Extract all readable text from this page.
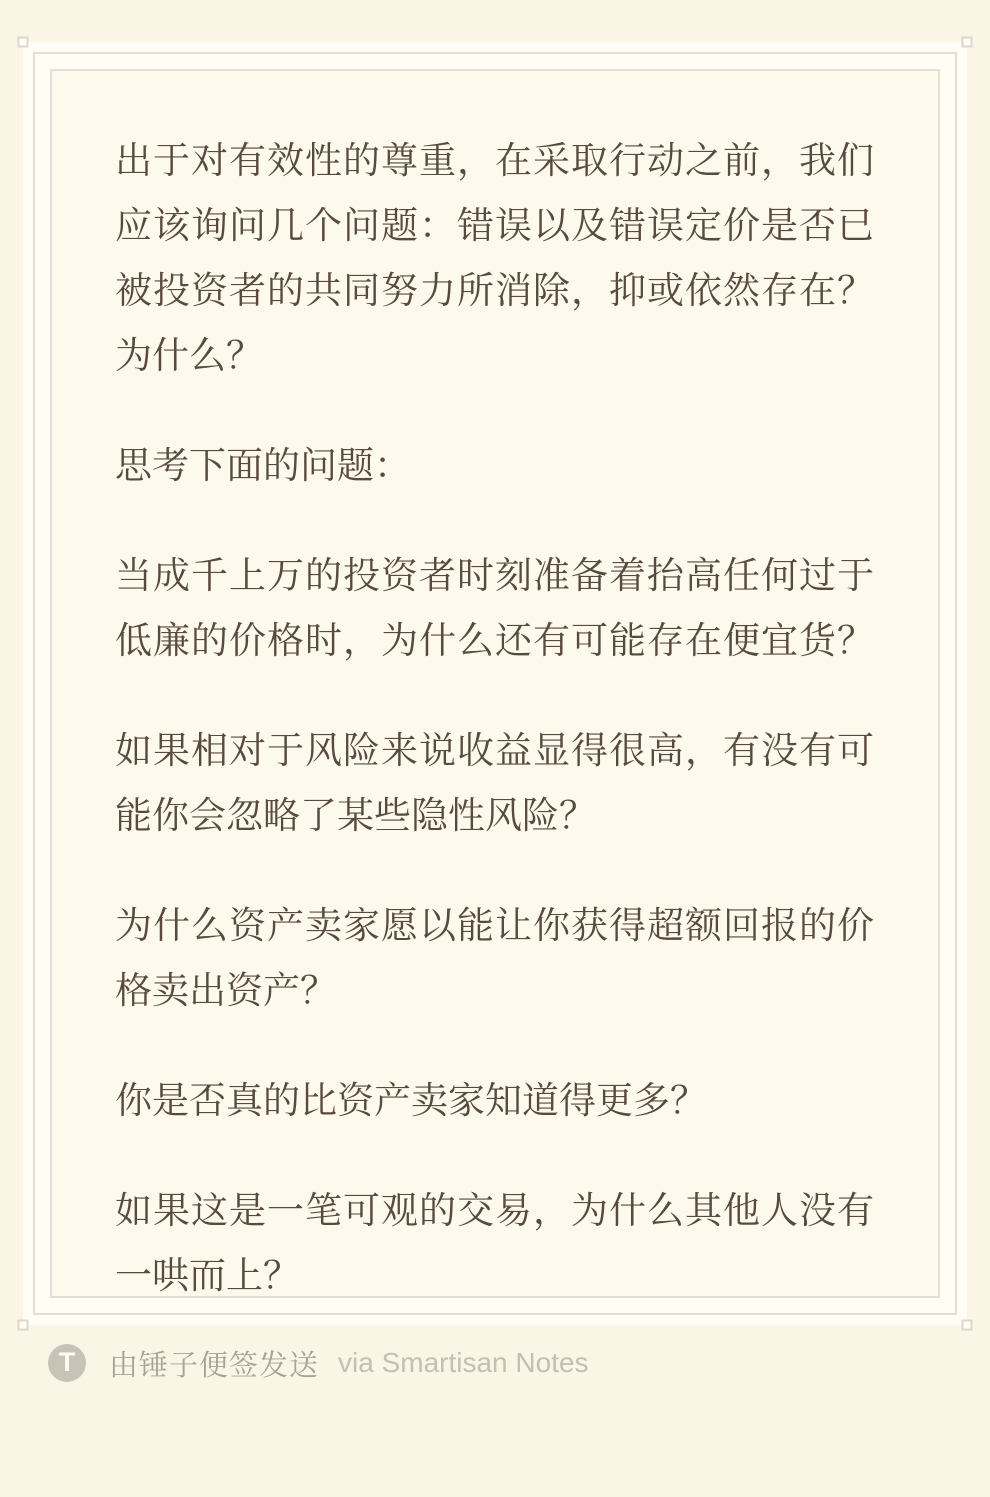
出于对有效性的尊重，在采取行动之前，我们应该询问几个问题：错误以及错误定价是否已被投资者的共同努力所消除，抑或依然存在？为什么？

思考下面的问题：

当成千上万的投资者时刻准备着抬高任何过于低廉的价格时，为什么还有可能存在便宜货？

如果相对于风险来说收益显得很高，有没有可能你会忽略了某些隐性风险？

为什么资产卖家愿以能让你获得超额回报的价格卖出资产？

你是否真的比资产卖家知道得更多？

如果这是一笔可观的交易，为什么其他人没有一哄而上？

T 由锤子便签发送 via Smartisan Notes
